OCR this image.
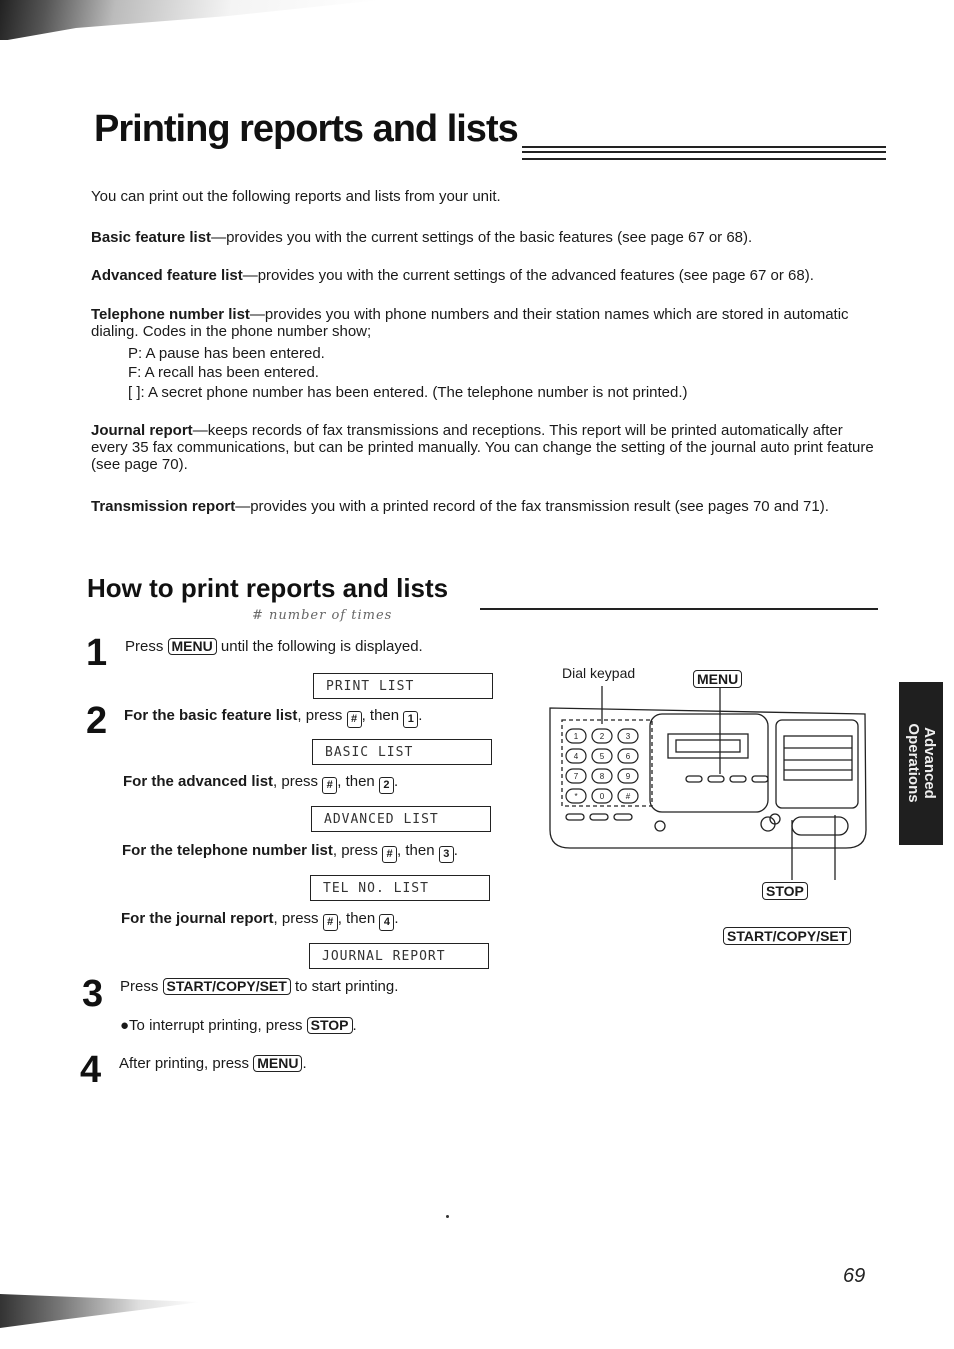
Printing reports and lists

You can print out the following reports and lists from your unit.

Basic feature list—provides you with the current settings of the basic features (see page 67 or 68).

Advanced feature list—provides you with the current settings of the advanced features (see page 67 or 68).

Telephone number list—provides you with phone numbers and their station names which are stored in automatic dialing. Codes in the phone number show;

P: A pause has been entered.

F: A recall has been entered.

[ ]: A secret phone number has been entered. (The telephone number is not printed.)

Journal report—keeps records of fax transmissions and receptions. This report will be printed automatically after every 35 fax communications, but can be printed manually. You can change the setting of the journal auto print feature (see page 70).

Transmission report—provides you with a printed record of the fax transmission result (see pages 70 and 71).

How to print reports and lists
# number of times
1 Press MENU until the following is displayed.

PRINT LIST
2 For the basic feature list, press # , then 1 .

BASIC LIST

For the advanced list, press # , then 2 .

ADVANCED LIST

For the telephone number list, press # , then 3 .

TEL NO. LIST

For the journal report, press # , then 4 .

JOURNAL REPORT
3 Press START/COPY/SET to start printing.

●To interrupt printing, press STOP .

4 After printing, press MENU .

Dial keypad	MENU
STOP
START/COPY/SET
1	2	3
4	5	6
7	8	9
*	0	#	Advanced
Operations
69
